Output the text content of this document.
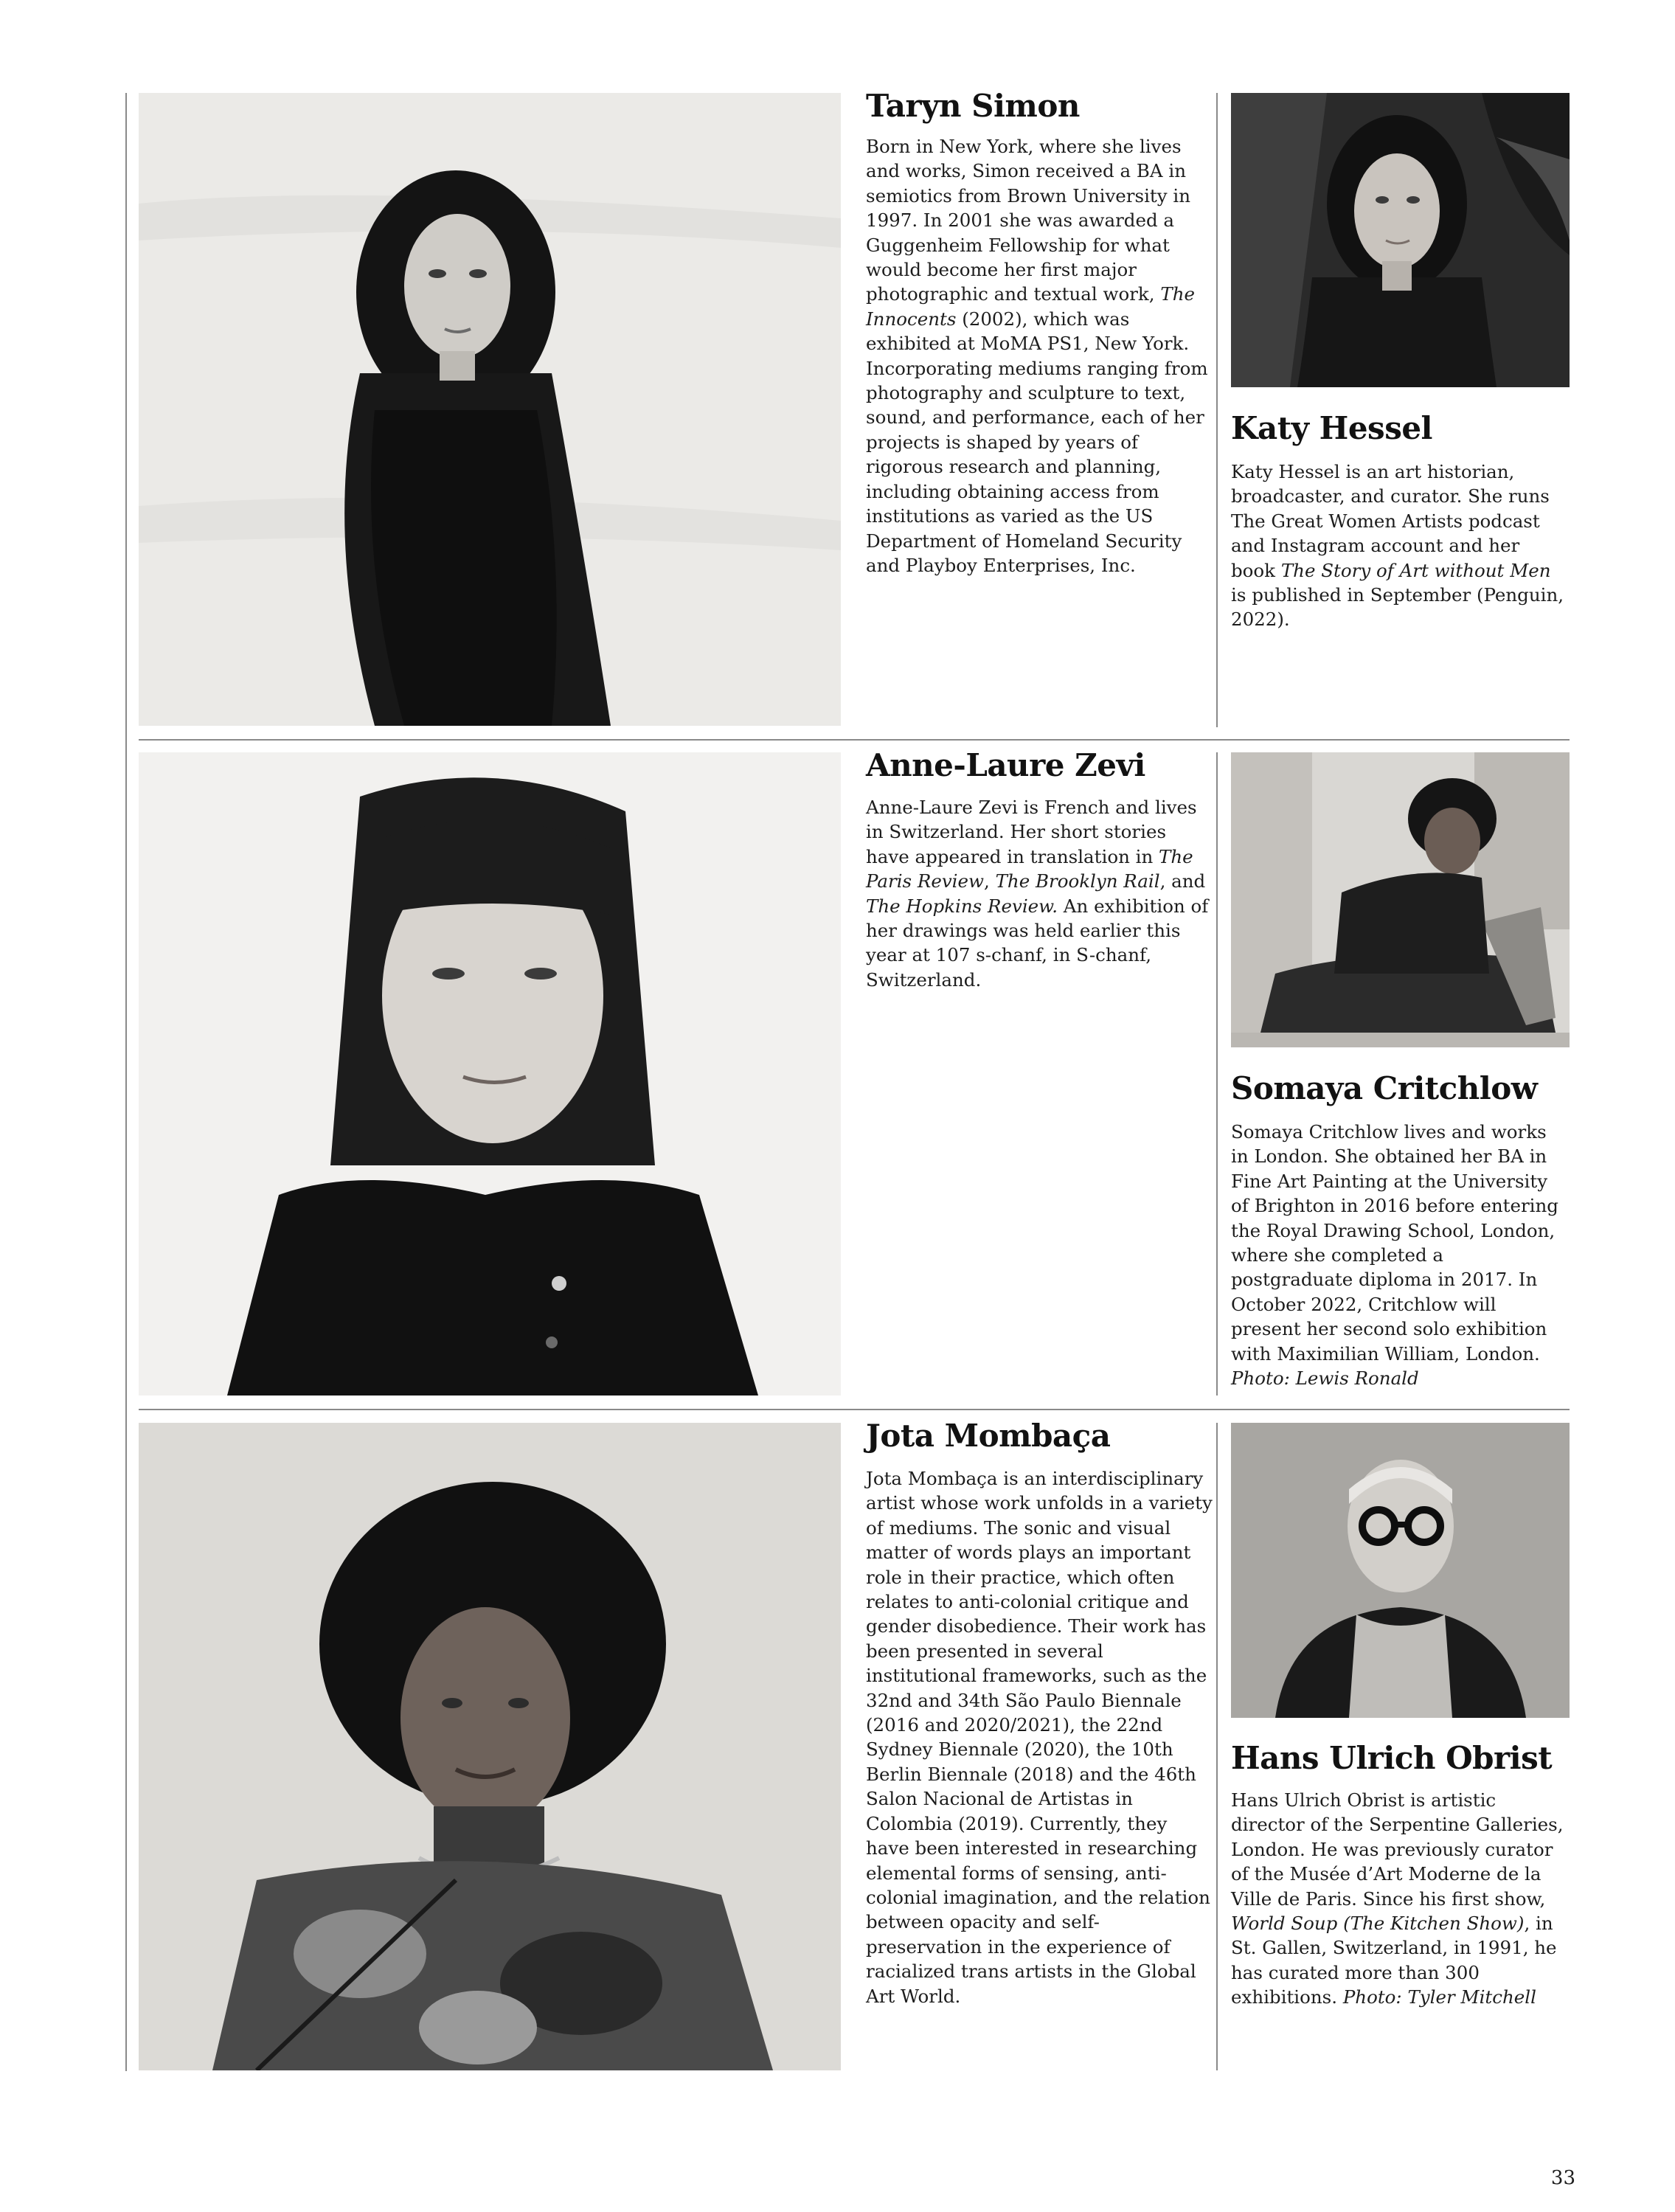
Taryn Simon

Born in New York, where she lives and works, Simon received a BA in semiotics from Brown University in 1997. In 2001 she was awarded a Guggenheim Fellowship for what would become her first major photographic and textual work, The Innocents (2002), which was exhibited at MoMA PS1, New York. Incorporating mediums ranging from photography and sculpture to text, sound, and performance, each of her projects is shaped by years of rigorous research and planning, including obtaining access from institutions as varied as the US Department of Homeland Security and Playboy Enterprises, Inc.

Katy Hessel

Katy Hessel is an art historian, broadcaster, and curator. She runs The Great Women Artists podcast and Instagram account and her book The Story of Art without Men is published in September (Penguin, 2022).

Anne-Laure Zevi

Anne-Laure Zevi is French and lives in Switzerland. Her short stories have appeared in translation in The Paris Review, The Brooklyn Rail, and The Hopkins Review. An exhibition of her drawings was held earlier this year at 107 s-chanf, in S-chanf, Switzerland.

Somaya Critchlow

Somaya Critchlow lives and works in London. She obtained her BA in Fine Art Painting at the University of Brighton in 2016 before entering the Royal Drawing School, London, where she completed a postgraduate diploma in 2017. In October 2022, Critchlow will present her second solo exhibition with Maximilian William, London. Photo: Lewis Ronald

Jota Mombaça

Jota Mombaça is an interdisciplinary artist whose work unfolds in a variety of mediums. The sonic and visual matter of words plays an important role in their practice, which often relates to anti-colonial critique and gender disobedience. Their work has been presented in several institutional frameworks, such as the 32nd and 34th São Paulo Biennale (2016 and 2020/2021), the 22nd Sydney Biennale (2020), the 10th Berlin Biennale (2018) and the 46th Salon Nacional de Artistas in Colombia (2019). Currently, they have been interested in researching elemental forms of sensing, anti-colonial imagination, and the relation between opacity and self-preservation in the experience of racialized trans artists in the Global Art World.

Hans Ulrich Obrist

Hans Ulrich Obrist is artistic director of the Serpentine Galleries, London. He was previously curator of the Musée d’Art Moderne de la Ville de Paris. Since his first show, World Soup (The Kitchen Show), in St. Gallen, Switzerland, in 1991, he has curated more than 300 exhibitions. Photo: Tyler Mitchell

33
